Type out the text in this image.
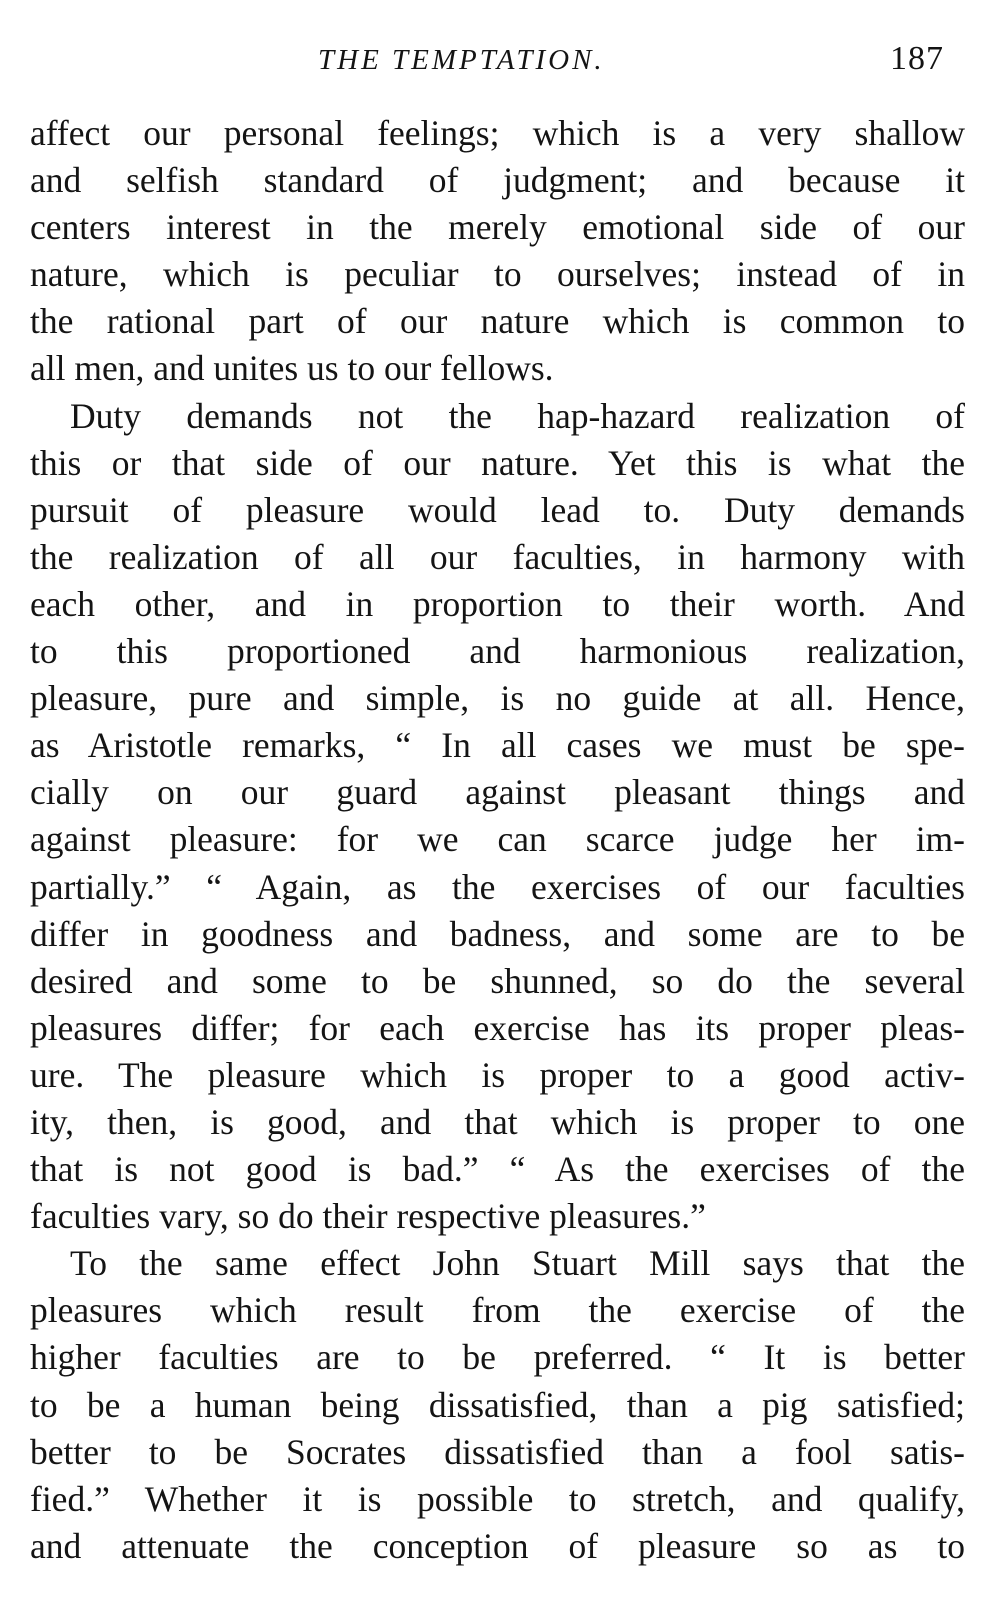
THE TEMPTATION.	187
affect our personal feelings; which is a very shallow
and selfish standard of judgment; and because it
centers interest in the merely emotional side of our
nature, which is peculiar to ourselves; instead of in
the rational part of our nature which is common to
all men, and unites us to our fellows.
Duty demands not the hap-hazard realization of
this or that side of our nature. Yet this is what the
pursuit of pleasure would lead to. Duty demands
the realization of all our faculties, in harmony with
each other, and in proportion to their worth. And
to this proportioned and harmonious realization,
pleasure, pure and simple, is no guide at all. Hence,
as Aristotle remarks, “ In all cases we must be spe-
cially on our guard against pleasant things and
against pleasure: for we can scarce judge her im-
partially.” “ Again, as the exercises of our faculties
differ in goodness and badness, and some are to be
desired and some to be shunned, so do the several
pleasures differ; for each exercise has its proper pleas-
ure. The pleasure which is proper to a good activ-
ity, then, is good, and that which is proper to one
that is not good is bad.” “ As the exercises of the
faculties vary, so do their respective pleasures.”
To the same effect John Stuart Mill says that the
pleasures which result from the exercise of the
higher faculties are to be preferred. “ It is better
to be a human being dissatisfied, than a pig satisfied;
better to be Socrates dissatisfied than a fool satis-
fied.” Whether it is possible to stretch, and qualify,
and attenuate the conception of pleasure so as to
